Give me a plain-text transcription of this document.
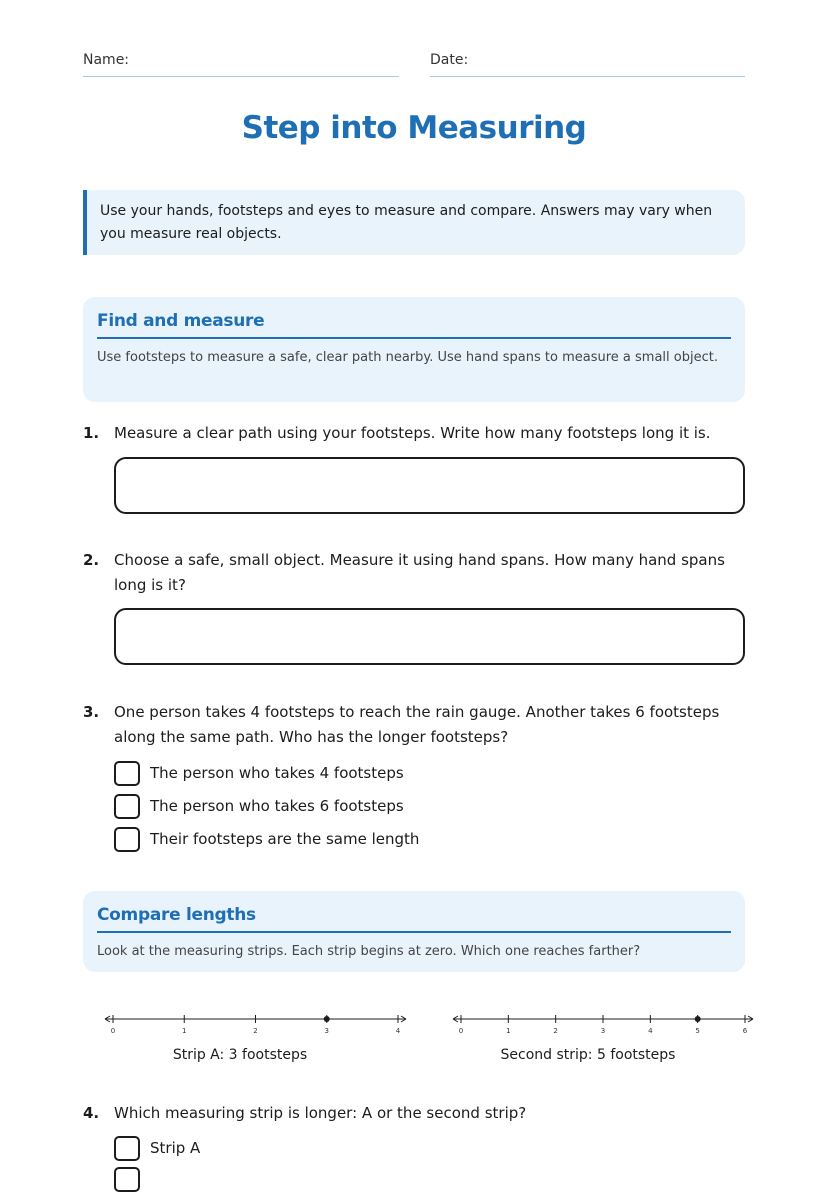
Name:	Date:
Step into Measuring
Use your hands, footsteps and eyes to measure and compare. Answers may vary when you measure real objects.
Find and measure

Use footsteps to measure a safe, clear path nearby. Use hand spans to measure a small object.

1. Measure a clear path using your footsteps. Write how many footsteps long it is.
2. Choose a safe, small object. Measure it using hand spans. How many hand spans long is it?
3. One person takes 4 footsteps to reach the rain gauge. Another takes 6 footsteps along the same path. Who has the longer footsteps?
The person who takes 4 footsteps
The person who takes 6 footsteps
Their footsteps are the same length
Compare lengths

Look at the measuring strips. Each strip begins at zero. Which one reaches farther?

0	1	2	3	4
Strip A: 3 footsteps
0	1	2	3	4	5	6
Second strip: 5 footsteps
4. Which measuring strip is longer: A or the second strip?
Strip A
